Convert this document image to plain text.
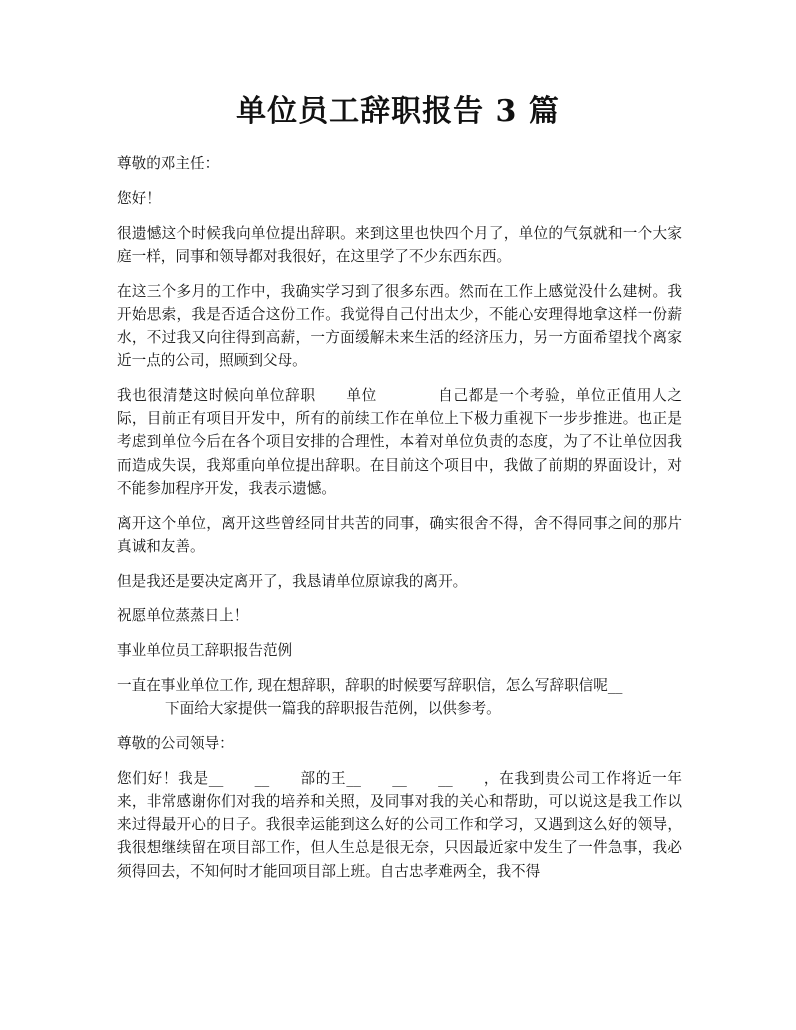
单位员工辞职报告 3 篇

尊敬的邓主任：

您好！

很遗憾这个时候我向单位提出辞职。来到这里也快四个月了，单位的气氛就和一个大家庭一样，同事和领导都对我很好，在这里学了不少东西东西。

在这三个多月的工作中，我确实学习到了很多东西。然而在工作上感觉没什么建树。我开始思索，我是否适合这份工作。我觉得自己付出太少，不能心安理得地拿这样一份薪水，不过我又向往得到高薪，一方面缓解未来生活的经济压力，另一方面希望找个离家近一点的公司，照顾到父母。

我也很清楚这时候向单位辞职　　单位　　　　自己都是一个考验，单位正值用人之际，目前正有项目开发中，所有的前续工作在单位上下极力重视下一步步推进。也正是考虑到单位今后在各个项目安排的合理性，本着对单位负责的态度，为了不让单位因我而造成失误，我郑重向单位提出辞职。在目前这个项目中，我做了前期的界面设计，对　　不能参加程序开发，我表示遗憾。

离开这个单位，离开这些曾经同甘共苦的同事，确实很舍不得，舍不得同事之间的那片真诚和友善。

但是我还是要决定离开了，我恳请单位原谅我的离开。

祝愿单位蒸蒸日上！

事业单位员工辞职报告范例

一直在事业单位工作, 现在想辞职，辞职的时候要写辞职信，怎么写辞职信呢__
下面给大家提供一篇我的辞职报告范例，以供参考。

尊敬的公司领导：

您们好！我是__　　__　　部的王__　　__　　__　　，在我到贵公司工作将近一年来，非常感谢你们对我的培养和关照，及同事对我的关心和帮助，可以说这是我工作以来过得最开心的日子。我很幸运能到这么好的公司工作和学习，又遇到这么好的领导，我很想继续留在项目部工作，但人生总是很无奈，只因最近家中发生了一件急事，我必须得回去，不知何时才能回项目部上班。自古忠孝难两全，我不得
